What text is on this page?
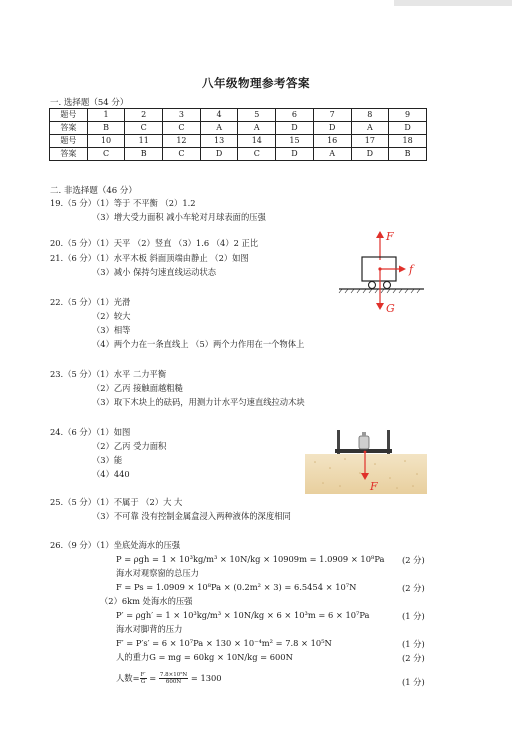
八年级物理参考答案
一. 选择题（54 分）
题号	1	2	3	4	5	6	7	8	9
答案	B	C	C	A	A	D	D	A	D
题号	10	11	12	13	14	15	16	17	18
答案	C	B	C	D	C	D	A	D	B
二. 非选择题（46 分）
19.（5 分）（1）等于 不平衡 （2）1.2
（3）增大受力面积 减小车轮对月球表面的压强
20.（5 分）（1）天平 （2）竖直 （3）1.6 （4）2 正比
21.（6 分）（1）水平木板 斜面顶端由静止 （2）如图
（3）减小 保持匀速直线运动状态
F
f
G
22.（5 分）（1）光滑
（2）较大
（3）相等
（4）两个力在一条直线上 （5）两个力作用在一个物体上
23.（5 分）（1）水平 二力平衡
（2）乙丙 接触面越粗糙
（3）取下木块上的砝码，用测力计水平匀速直线拉动木块
24.（6 分）（1）如图
（2）乙丙 受力面积
（3）能
（4）440
F
25.（5 分）（1）不属于 （2）大 大
（3）不可靠 没有控制金属盒浸入两种液体的深度相同
26.（9 分）（1）坐底处海水的压强
P = ρgh = 1 × 10³kg/m³ × 10N/kg × 10909m = 1.0909 × 10⁸Pa (2 分)
海水对观察窗的总压力
F = Ps = 1.0909 × 10⁸Pa × (0.2m² × 3) = 6.5454 × 10⁷N	(2 分)
（2）6km 处海水的压强
P′ = ρgh′ = 1 × 10³kg/m³ × 10N/kg × 6 × 10³m = 6 × 10⁷Pa	(1 分)
海水对脚背的压力
F′ = P′s′ = 6 × 10⁷Pa × 130 × 10⁻⁴m² = 7.8 × 10⁵N	(1 分)
人的重力G = mg = 60kg × 10N/kg = 600N	(2 分)
人数= $\frac{F'}{G} = \frac{\text{7.8×10⁵N}}{600N} = 1300$	(1 分)
